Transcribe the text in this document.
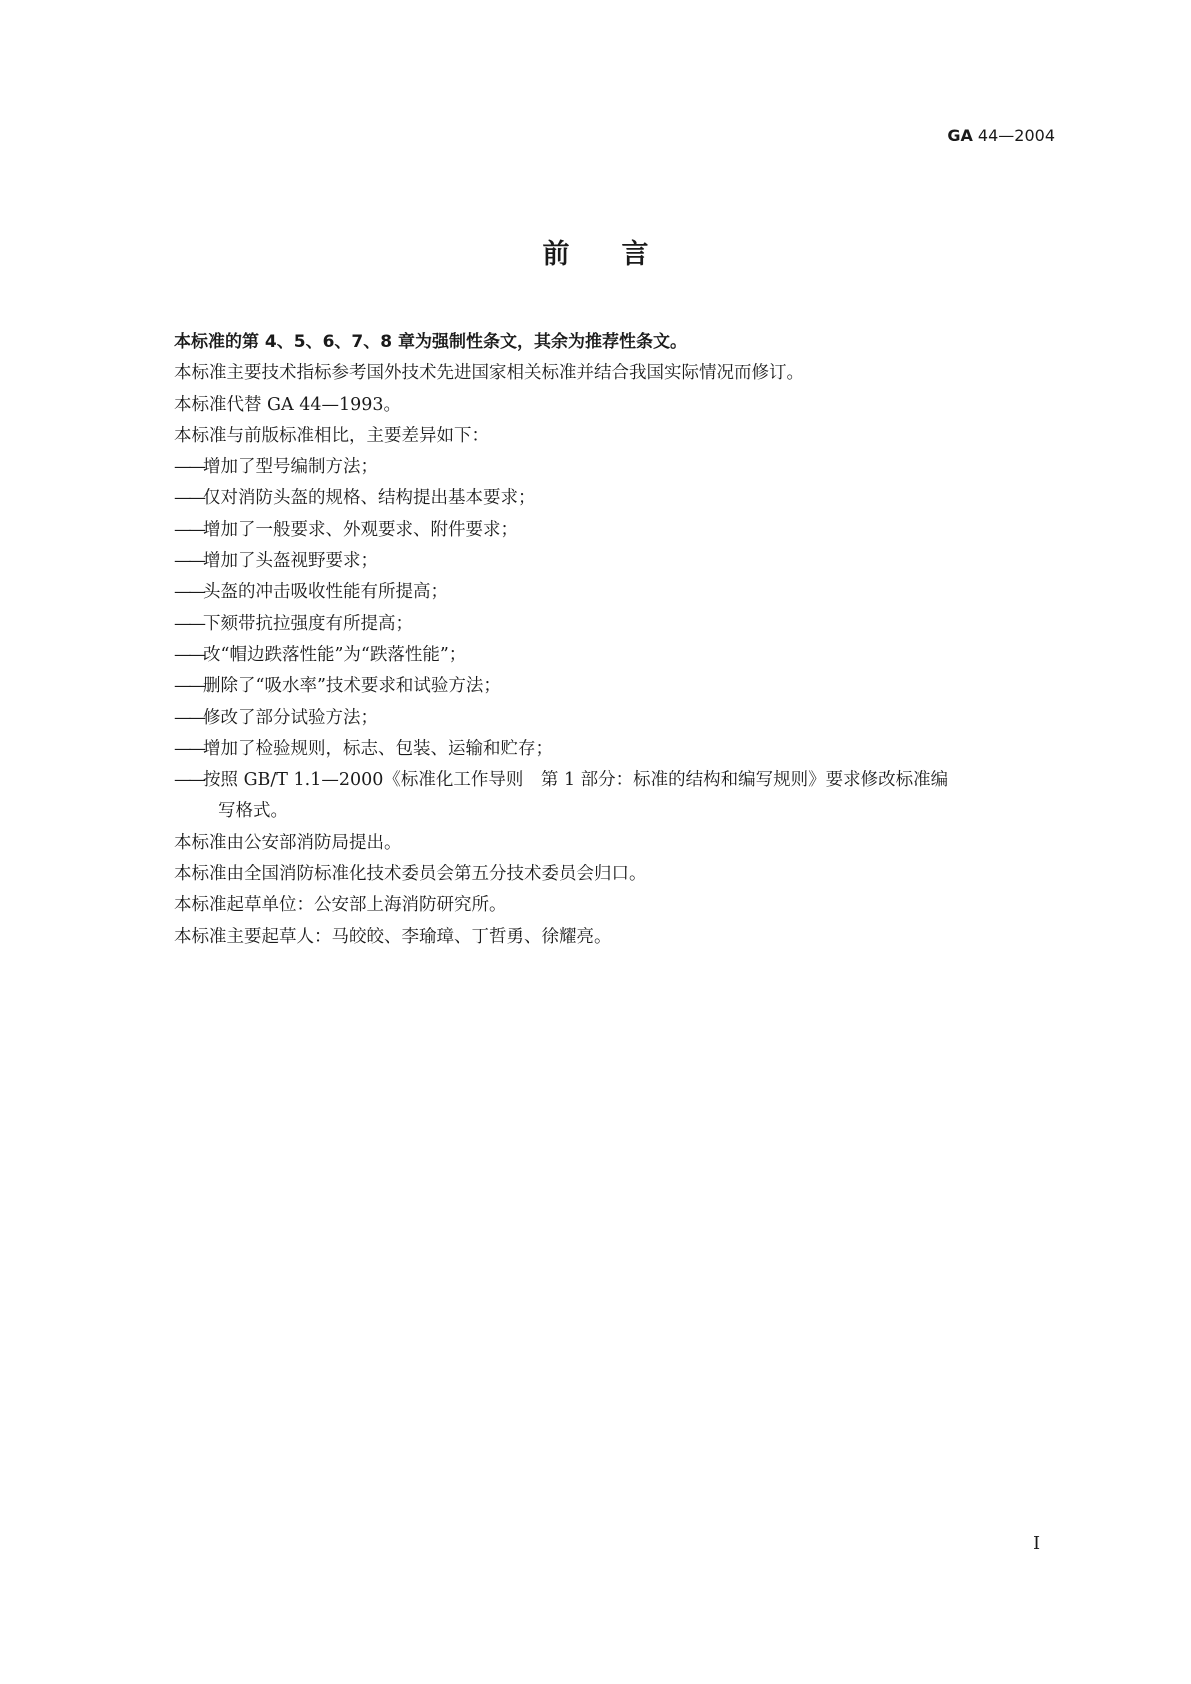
GA 44—2004
前言

本标准的第 4、5、6、7、8 章为强制性条文，其余为推荐性条文。

本标准主要技术指标参考国外技术先进国家相关标准并结合我国实际情况而修订。

本标准代替 GA 44—1993。

本标准与前版标准相比，主要差异如下：

——增加了型号编制方法；

——仅对消防头盔的规格、结构提出基本要求；

——增加了一般要求、外观要求、附件要求；

——增加了头盔视野要求；

——头盔的冲击吸收性能有所提高；

——下颏带抗拉强度有所提高；

——改“帽边跌落性能”为“跌落性能”；

——删除了“吸水率”技术要求和试验方法；

——修改了部分试验方法；

——增加了检验规则，标志、包装、运输和贮存；

——按照 GB/T 1.1—2000《标准化工作导则　第 1 部分：标准的结构和编写规则》要求修改标准编

写格式。

本标准由公安部消防局提出。

本标准由全国消防标准化技术委员会第五分技术委员会归口。

本标准起草单位：公安部上海消防研究所。

本标准主要起草人：马皎皎、李瑜璋、丁哲勇、徐耀亮。

I
